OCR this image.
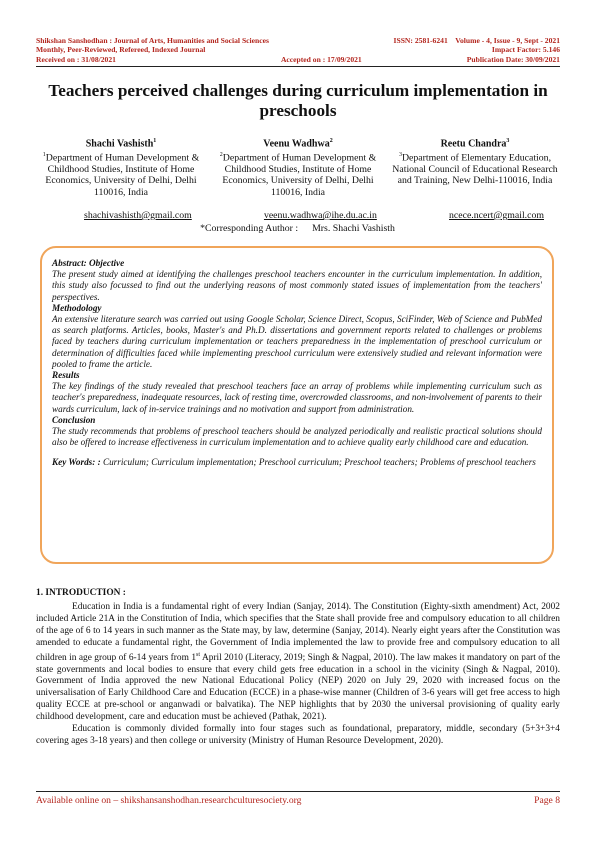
Shikshan Sanshodhan : Journal of Arts, Humanities and Social Sciences	ISSN: 2581-6241 Volume - 4, Issue - 9, Sept - 2021
Monthly, Peer-Reviewed, Refereed, Indexed Journal	Impact Factor: 5.146
Received on : 31/08/2021	Accepted on : 17/09/2021	Publication Date: 30/09/2021
Teachers perceived challenges during curriculum implementation in preschools
Shachi Vashisth$^1$
$^1$Department of Human Development & Childhood Studies, Institute of Home Economics, University of Delhi, Delhi 110016, India
Veenu Wadhwa$^2$
$^2$Department of Human Development & Childhood Studies, Institute of Home Economics, University of Delhi, Delhi 110016, India
Reetu Chandra$^3$
$^3$Department of Elementary Education, National Council of Educational Research and Training, New Delhi-110016, India
shachivashisth@gmail.com	veenu.wadhwa@ihe.du.ac.in	ncece.ncert@gmail.com
*Corresponding Author : Mrs. Shachi Vashisth
Abstract: Objective
The present study aimed at identifying the challenges preschool teachers encounter in the curriculum implementation. In addition, this study also focussed to find out the underlying reasons of most commonly stated issues of implementation from the teachers' perspectives.
Methodology
An extensive literature search was carried out using Google Scholar, Science Direct, Scopus, SciFinder, Web of Science and PubMed as search platforms. Articles, books, Master's and Ph.D. dissertations and government reports related to challenges or problems faced by teachers during curriculum implementation or teachers preparedness in the implementation of preschool curriculum or determination of difficulties faced while implementing preschool curriculum were extensively studied and relevant information were pooled to frame the article.
Results
The key findings of the study revealed that preschool teachers face an array of problems while implementing curriculum such as teacher's preparedness, inadequate resources, lack of resting time, overcrowded classrooms, and non-involvement of parents to their wards curriculum, lack of in-service trainings and no motivation and support from administration.
Conclusion
The study recommends that problems of preschool teachers should be analyzed periodically and realistic practical solutions should also be offered to increase effectiveness in curriculum implementation and to achieve quality early childhood care and education.
Key Words: : Curriculum; Curriculum implementation; Preschool curriculum; Preschool teachers; Problems of preschool teachers
1. INTRODUCTION :

Education in India is a fundamental right of every Indian (Sanjay, 2014). The Constitution (Eighty-sixth amendment) Act, 2002 included Article 21A in the Constitution of India, which specifies that the State shall provide free and compulsory education to all children of the age of 6 to 14 years in such manner as the State may, by law, determine (Sanjay, 2014). Nearly eight years after the Constitution was amended to educate a fundamental right, the Government of India implemented the law to provide free and compulsory education to all children in age group of 6-14 years from 1st April 2010 (Literacy, 2019; Singh & Nagpal, 2010). The law makes it mandatory on part of the state governments and local bodies to ensure that every child gets free education in a school in the vicinity (Singh & Nagpal, 2010). Government of India approved the new National Educational Policy (NEP) 2020 on July 29, 2020 with increased focus on the universalisation of Early Childhood Care and Education (ECCE) in a phase-wise manner (Children of 3-6 years will get free access to high quality ECCE at pre-school or anganwadi or balvatika). The NEP highlights that by 2030 the universal provisioning of quality early childhood development, care and education must be achieved (Pathak, 2021).

Education is commonly divided formally into four stages such as foundational, preparatory, middle, secondary (5+3+3+4 covering ages 3-18 years) and then college or university (Ministry of Human Resource Development, 2020).

Available online on – shikshansanshodhan.researchculturesociety.org	Page 8
